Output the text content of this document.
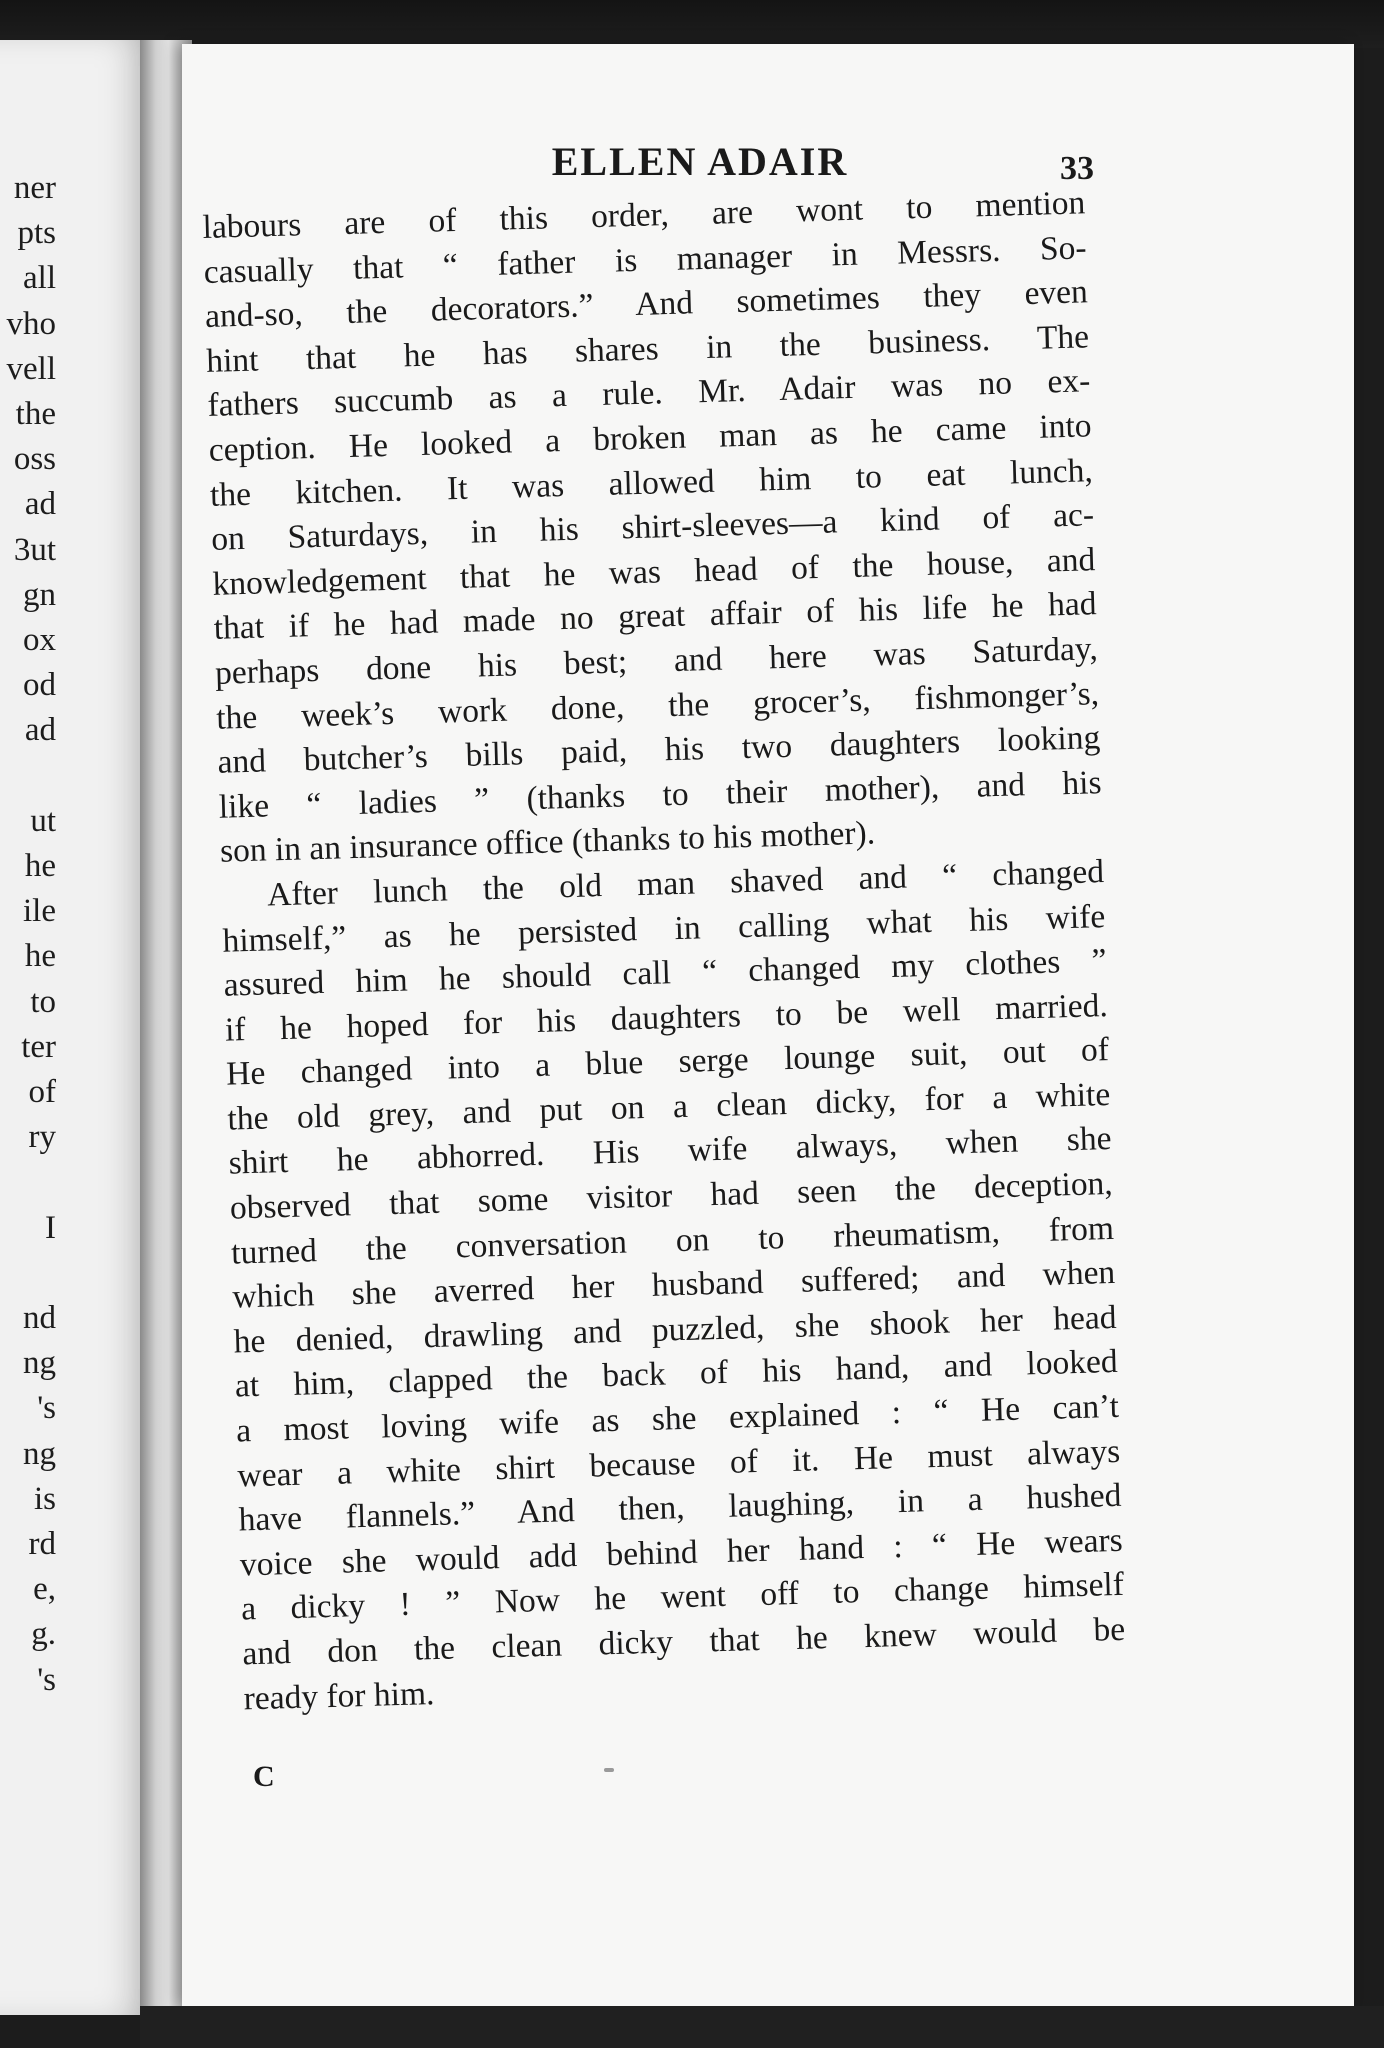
ner
pts
all
vho
vell
the
oss
ad
3ut
gn
ox
od
ad
ut
he
ile
he
to
ter
of
ry
I
nd
ng
's
ng
is
rd
e,
g.
's
ELLEN ADAIR	33
labours are of this order, are wont to mention
casually that “ father is manager in Messrs. So-
and-so, the decorators.” And sometimes they even
hint that he has shares in the business. The
fathers succumb as a rule. Mr. Adair was no ex-
ception. He looked a broken man as he came into
the kitchen. It was allowed him to eat lunch,
on Saturdays, in his shirt-sleeves—a kind of ac-
knowledgement that he was head of the house, and
that if he had made no great affair of his life he had
perhaps done his best; and here was Saturday,
the week’s work done, the grocer’s, fishmonger’s,
and butcher’s bills paid, his two daughters looking
like “ ladies ” (thanks to their mother), and his
son in an insurance office (thanks to his mother).
After lunch the old man shaved and “ changed
himself,” as he persisted in calling what his wife
assured him he should call “ changed my clothes ”
if he hoped for his daughters to be well married.
He changed into a blue serge lounge suit, out of
the old grey, and put on a clean dicky, for a white
shirt he abhorred. His wife always, when she
observed that some visitor had seen the deception,
turned the conversation on to rheumatism, from
which she averred her husband suffered; and when
he denied, drawling and puzzled, she shook her head
at him, clapped the back of his hand, and looked
a most loving wife as she explained : “ He can’t
wear a white shirt because of it. He must always
have flannels.” And then, laughing, in a hushed
voice she would add behind her hand : “ He wears
a dicky ! ” Now he went off to change himself
and don the clean dicky that he knew would be
ready for him.
C
